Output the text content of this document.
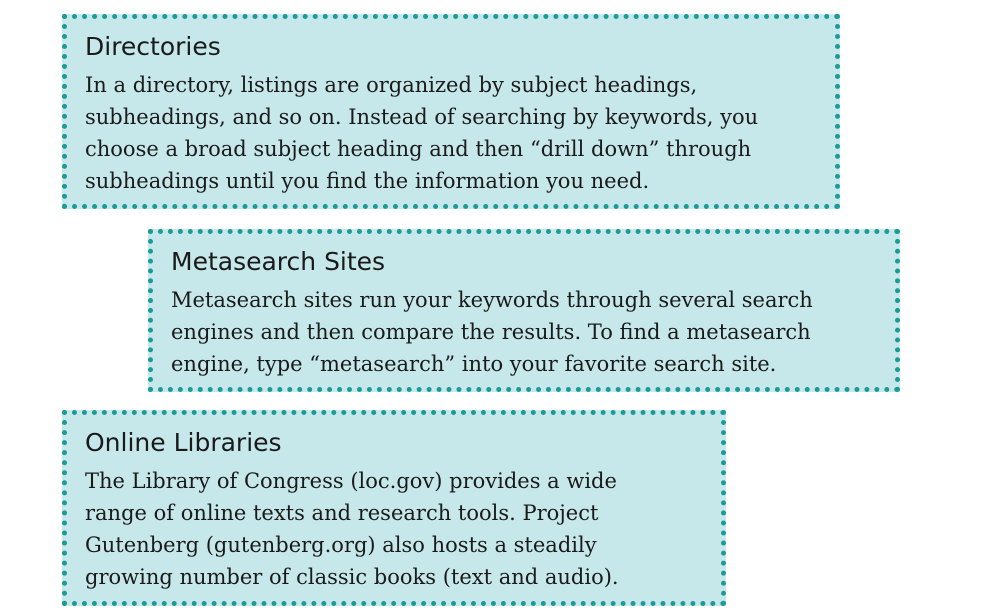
Directories

In a directory, listings are organized by subject headings,
subheadings, and so on. Instead of searching by keywords, you
choose a broad subject heading and then “drill down” through
subheadings until you find the information you need.

Metasearch Sites

Metasearch sites run your keywords through several search
engines and then compare the results. To find a metasearch
engine, type “metasearch” into your favorite search site.

Online Libraries

The Library of Congress (loc.gov) provides a wide
range of online texts and research tools. Project
Gutenberg (gutenberg.org) also hosts a steadily
growing number of classic books (text and audio).
